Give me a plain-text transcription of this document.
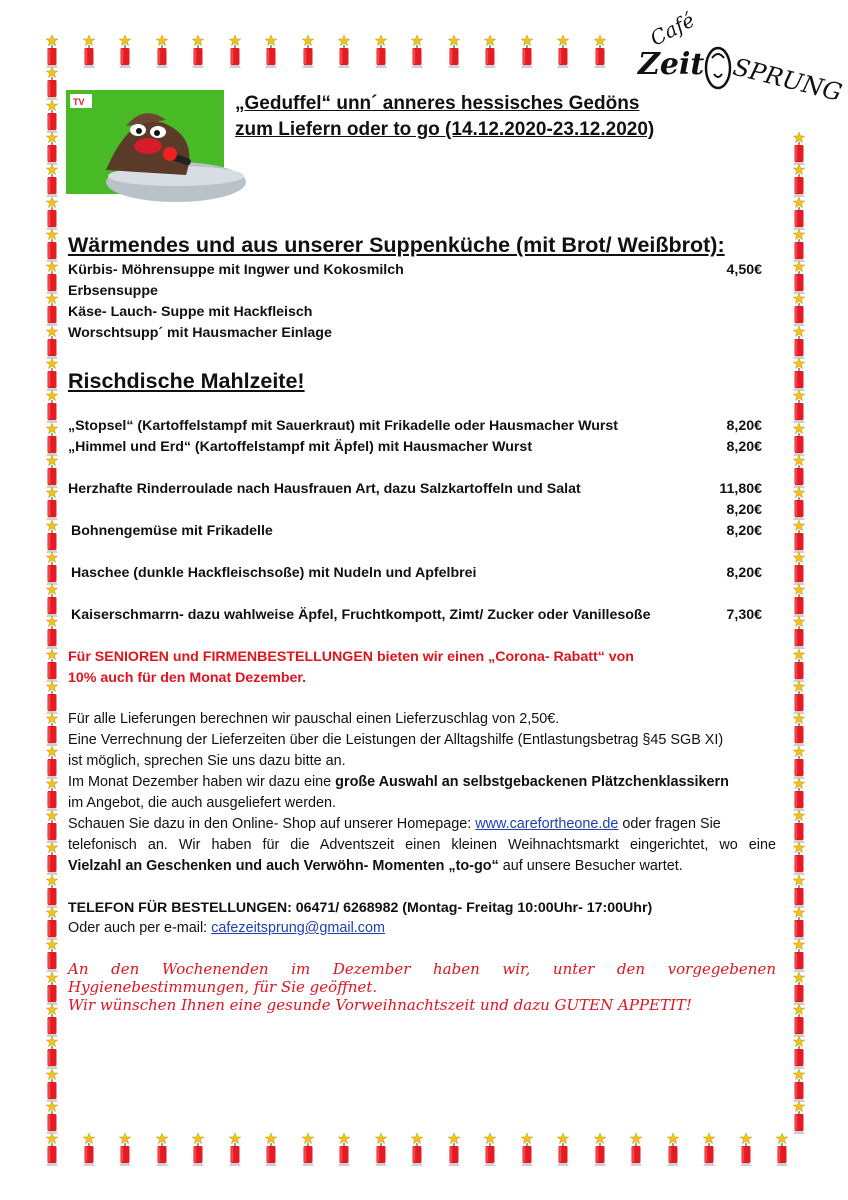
Café
Zeit SPRUNG
TV	„Geduffel“ unn´ anneres hessisches Gedöns
zum Liefern oder to go (14.12.2020-23.12.2020)
Wärmendes und aus unserer Suppenküche (mit Brot/ Weißbrot):
Kürbis- Möhrensuppe mit Ingwer und Kokosmilch	4,50€
Erbsensuppe
Käse- Lauch- Suppe mit Hackfleisch
Worschtsupp´ mit Hausmacher Einlage
Rischdische Mahlzeite!
„Stopsel“ (Kartoffelstampf mit Sauerkraut) mit Frikadelle oder Hausmacher Wurst	8,20€
„Himmel und Erd“ (Kartoffelstampf mit Äpfel) mit Hausmacher Wurst	8,20€
Herzhafte Rinderroulade nach Hausfrauen Art, dazu Salzkartoffeln und Salat	11,80€
8,20€
Bohnengemüse mit Frikadelle	8,20€
Haschee (dunkle Hackfleischsoße) mit Nudeln und Apfelbrei	8,20€
Kaiserschmarrn- dazu wahlweise Äpfel, Fruchtkompott, Zimt/ Zucker oder Vanillesoße	7,30€
Für SENIOREN und FIRMENBESTELLUNGEN bieten wir einen „Corona- Rabatt“ von
10% auch für den Monat Dezember.
Für alle Lieferungen berechnen wir pauschal einen Lieferzuschlag von 2,50€.
Eine Verrechnung der Lieferzeiten über die Leistungen der Alltagshilfe (Entlastungsbetrag §45 SGB XI)
ist möglich, sprechen Sie uns dazu bitte an.
Im Monat Dezember haben wir dazu eine große Auswahl an selbstgebackenen Plätzchenklassikern
im Angebot, die auch ausgeliefert werden.
Schauen Sie dazu in den Online- Shop auf unserer Homepage: www.carefortheone.de oder fragen Sie
telefonisch an. Wir haben für die Adventszeit einen kleinen Weihnachtsmarkt eingerichtet, wo eine
Vielzahl an Geschenken und auch Verwöhn- Momenten „to-go“ auf unsere Besucher wartet.
TELEFON FÜR BESTELLUNGEN: 06471/ 6268982 (Montag- Freitag 10:00Uhr- 17:00Uhr)
Oder auch per e-mail: cafezeitsprung@gmail.com
An den Wochenenden im Dezember haben wir, unter den vorgegebenen
Hygienebestimmungen, für Sie geöffnet.
Wir wünschen Ihnen eine gesunde Vorweihnachtszeit und dazu GUTEN APPETIT!
